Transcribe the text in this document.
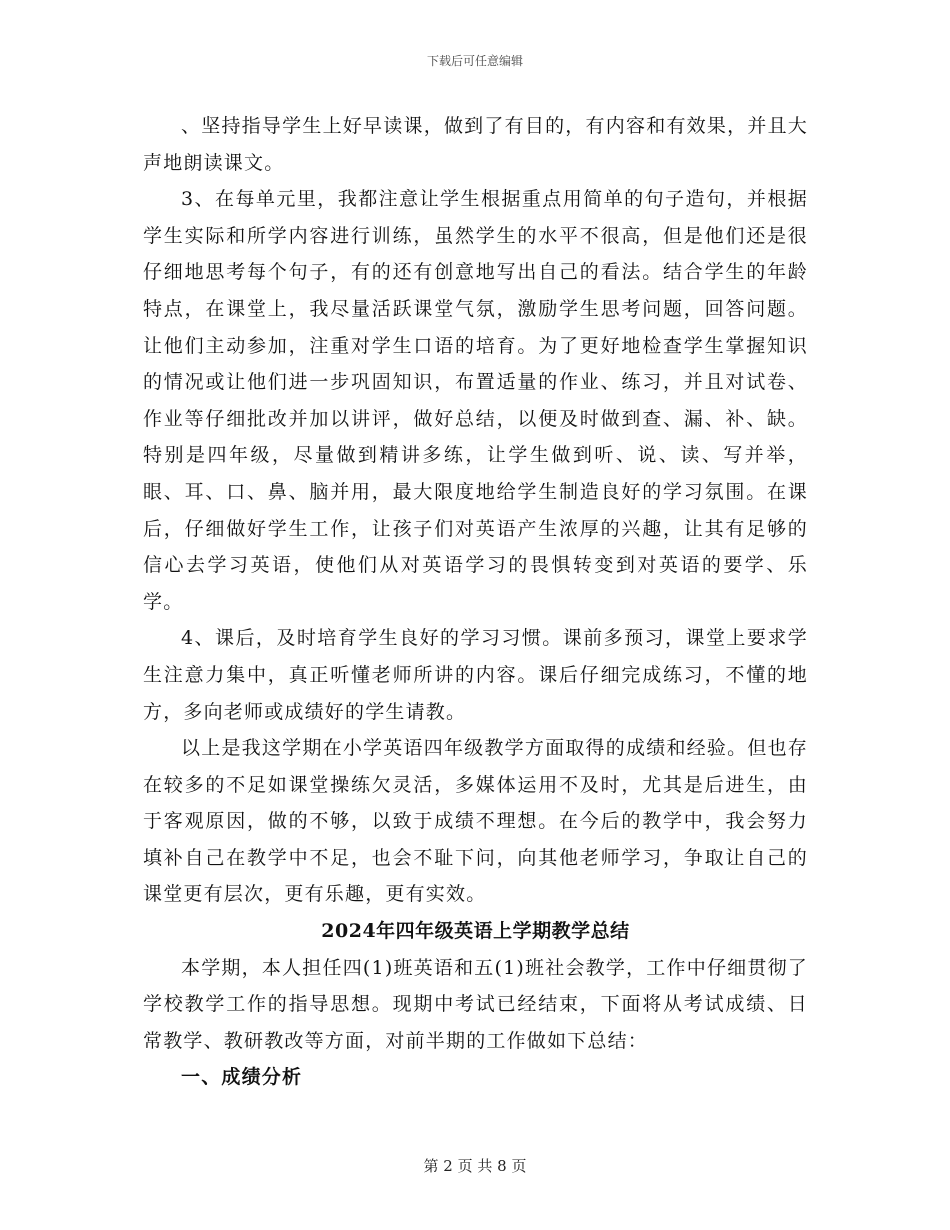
下载后可任意编辑

、坚持指导学生上好早读课，做到了有目的，有内容和有效果，并且大声地朗读课文。

3、在每单元里，我都注意让学生根据重点用简单的句子造句，并根据学生实际和所学内容进行训练，虽然学生的水平不很高，但是他们还是很仔细地思考每个句子，有的还有创意地写出自己的看法。结合学生的年龄特点，在课堂上，我尽量活跃课堂气氛，激励学生思考问题，回答问题。让他们主动参加，注重对学生口语的培育。为了更好地检查学生掌握知识的情况或让他们进一步巩固知识，布置适量的作业、练习，并且对试卷、作业等仔细批改并加以讲评，做好总结，以便及时做到查、漏、补、缺。特别是四年级，尽量做到精讲多练，让学生做到听、说、读、写并举，眼、耳、口、鼻、脑并用，最大限度地给学生制造良好的学习氛围。在课后，仔细做好学生工作，让孩子们对英语产生浓厚的兴趣，让其有足够的信心去学习英语，使他们从对英语学习的畏惧转变到对英语的要学、乐学。

4、课后，及时培育学生良好的学习习惯。课前多预习，课堂上要求学生注意力集中，真正听懂老师所讲的内容。课后仔细完成练习，不懂的地方，多向老师或成绩好的学生请教。

以上是我这学期在小学英语四年级教学方面取得的成绩和经验。但也存在较多的不足如课堂操练欠灵活，多媒体运用不及时，尤其是后进生，由于客观原因，做的不够，以致于成绩不理想。在今后的教学中，我会努力填补自己在教学中不足，也会不耻下问，向其他老师学习，争取让自己的课堂更有层次，更有乐趣，更有实效。

2024年四年级英语上学期教学总结

本学期，本人担任四(1)班英语和五(1)班社会教学，工作中仔细贯彻了学校教学工作的指导思想。现期中考试已经结束，下面将从考试成绩、日常教学、教研教改等方面，对前半期的工作做如下总结：

一、成绩分析

第 2 页 共 8 页
